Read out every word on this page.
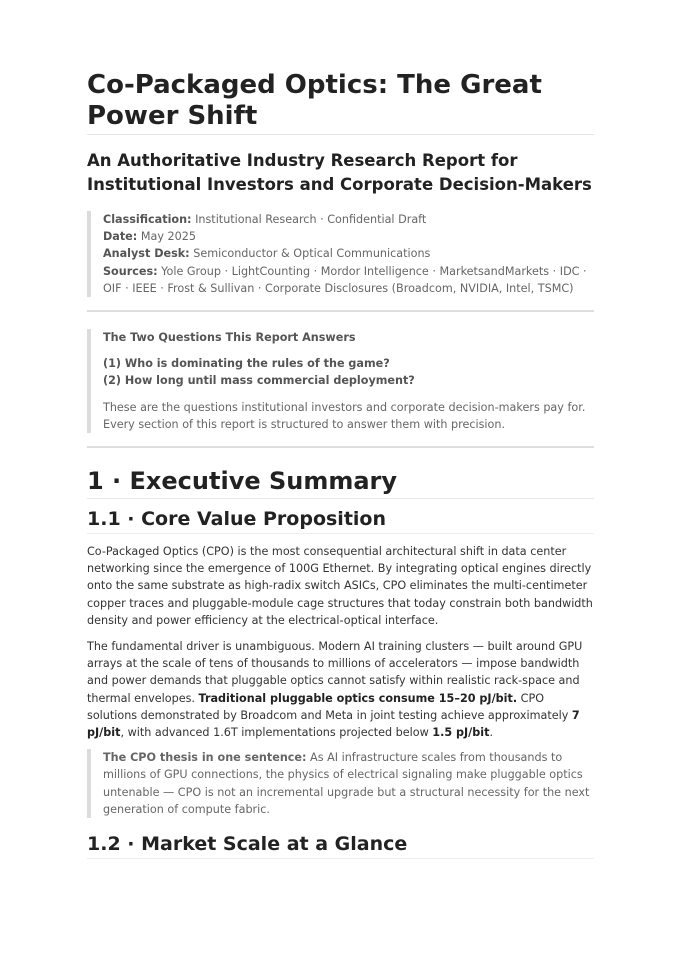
Co-Packaged Optics: The Great Power Shift
An Authoritative Industry Research Report for Institutional Investors and Corporate Decision-Makers
Classification: Institutional Research · Confidential Draft
Date: May 2025
Analyst Desk: Semiconductor & Optical Communications
Sources: Yole Group · LightCounting · Mordor Intelligence · MarketsandMarkets · IDC · OIF · IEEE · Frost & Sullivan · Corporate Disclosures (Broadcom, NVIDIA, Intel, TSMC)

The Two Questions This Report Answers

(1) Who is dominating the rules of the game?
(2) How long until mass commercial deployment?

These are the questions institutional investors and corporate decision-makers pay for. Every section of this report is structured to answer them with precision.

1 · Executive Summary
1.1 · Core Value Proposition

Co-Packaged Optics (CPO) is the most consequential architectural shift in data center networking since the emergence of 100G Ethernet. By integrating optical engines directly onto the same substrate as high-radix switch ASICs, CPO eliminates the multi-centimeter copper traces and pluggable-module cage structures that today constrain both bandwidth density and power efficiency at the electrical-optical interface.

The fundamental driver is unambiguous. Modern AI training clusters — built around GPU arrays at the scale of tens of thousands to millions of accelerators — impose bandwidth and power demands that pluggable optics cannot satisfy within realistic rack-space and thermal envelopes. Traditional pluggable optics consume 15–20 pJ/bit. CPO solutions demonstrated by Broadcom and Meta in joint testing achieve approximately 7 pJ/bit, with advanced 1.6T implementations projected below 1.5 pJ/bit.

The CPO thesis in one sentence: As AI infrastructure scales from thousands to millions of GPU connections, the physics of electrical signaling make pluggable optics untenable — CPO is not an incremental upgrade but a structural necessity for the next generation of compute fabric.

1.2 · Market Scale at a Glance
